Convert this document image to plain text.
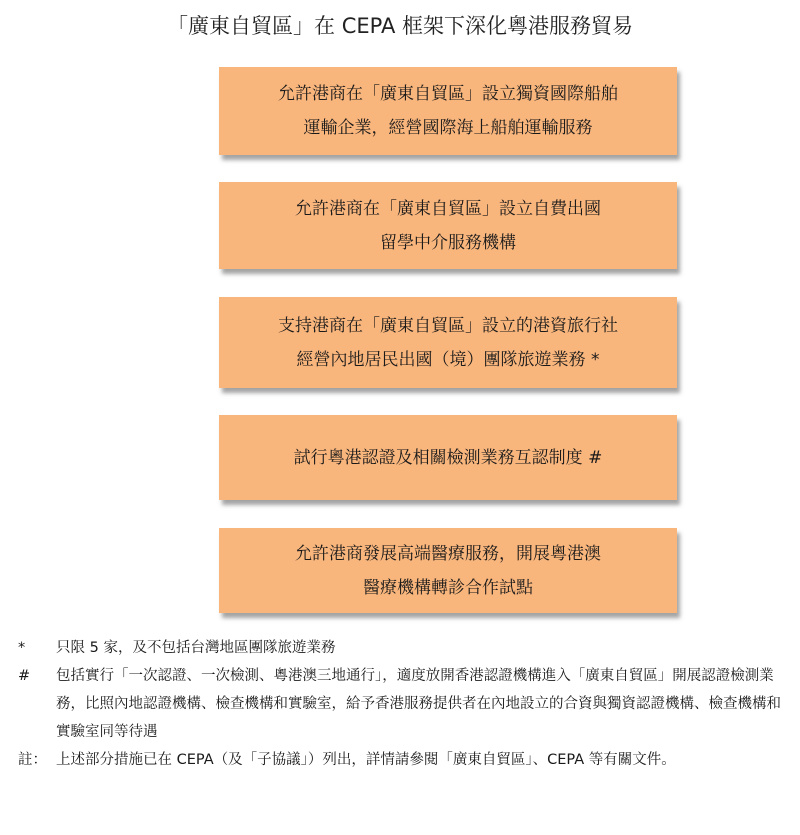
「廣東自貿區」在 CEPA 框架下深化粵港服務貿易
允許港商在「廣東自貿區」設立獨資國際船舶
運輸企業，經營國際海上船舶運輸服務
允許港商在「廣東自貿區」設立自費出國
留學中介服務機構
支持港商在「廣東自貿區」設立的港資旅行社
經營內地居民出國（境）團隊旅遊業務 *
試行粵港認證及相關檢測業務互認制度 #
允許港商發展高端醫療服務，開展粵港澳
醫療機構轉診合作試點
*	只限 5 家，及不包括台灣地區團隊旅遊業務
#	包括實行「一次認證、一次檢測、粵港澳三地通行」，適度放開香港認證機構進入「廣東自貿區」開展認證檢測業務，比照內地認證機構、檢查機構和實驗室，給予香港服務提供者在內地設立的合資與獨資認證機構、檢查機構和實驗室同等待遇
註： 上述部分措施已在 CEPA（及「子協議」）列出，詳情請參閱「廣東自貿區」、CEPA 等有關文件。
